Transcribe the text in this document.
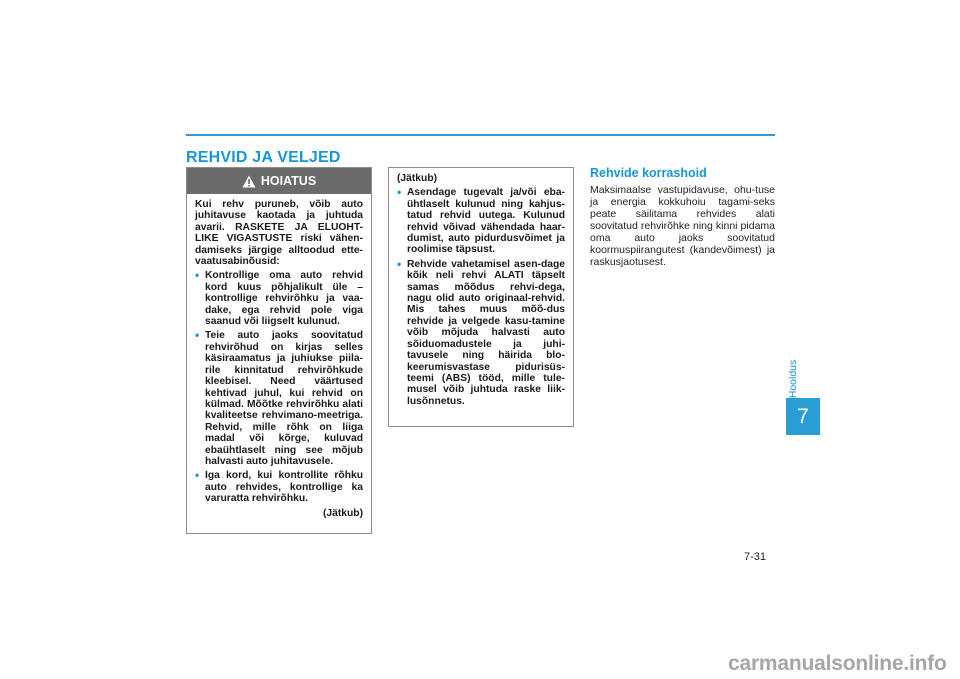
REHVID JA VELJED
HOIATUS

Kui rehv puruneb, võib auto juhitavuse kaotada ja juhtuda avarii. RASKETE JA ELUOHT-LIKE VIGASTUSTE riski vähen-damiseks järgige alltoodud ette-vaatusabinõusid:

• Kontrollige oma auto rehvid kord kuus põhjalikult üle – kontrollige rehvirõhku ja vaa-dake, ega rehvid pole viga saanud või liigselt kulunud.
• Teie auto jaoks soovitatud rehvirõhud on kirjas selles käsiraamatus ja juhiukse piila-rile kinnitatud rehvirõhkude kleebisel. Need väärtused kehtivad juhul, kui rehvid on külmad. Mõõtke rehvirõhku alati kvaliteetse rehvimano-meetriga. Rehvid, mille rõhk on liiga madal või kõrge, kuluvad ebaühtlaselt ning see mõjub halvasti auto juhitavusele.
• Iga kord, kui kontrollite rõhku auto rehvides, kontrollige ka varuratta rehvirõhku.

(Jätkub)

(Jätkub)

• Asendage tugevalt ja/või eba-ühtlaselt kulunud ning kahjus-tatud rehvid uutega. Kulunud rehvid võivad vähendada haar-dumist, auto pidurdusvõimet ja roolimise täpsust.
• Rehvide vahetamisel asen-dage kõik neli rehvi ALATI täpselt samas mõõdus rehvi-dega, nagu olid auto originaal-rehvid. Mis tahes muus mõõ-dus rehvide ja velgede kasu-tamine võib mõjuda halvasti auto sõiduomadustele ja juhi-tavusele ning häirida blo-keerumisvastase pidurisüs-teemi (ABS) tööd, mille tule-musel võib juhtuda raske liik-lusõnnetus.
Rehvide korrashoid

Maksimaalse vastupidavuse, ohu-tuse ja energia kokkuhoiu tagami-seks peate säilitama rehvides alati soovitatud rehvirõhke ning kinni pidama oma auto jaoks soovitatud koormuspiirangutest (kandevõimest) ja raskusjaotusest.

Hooldus
7
7-31
carmanualsonline.info
